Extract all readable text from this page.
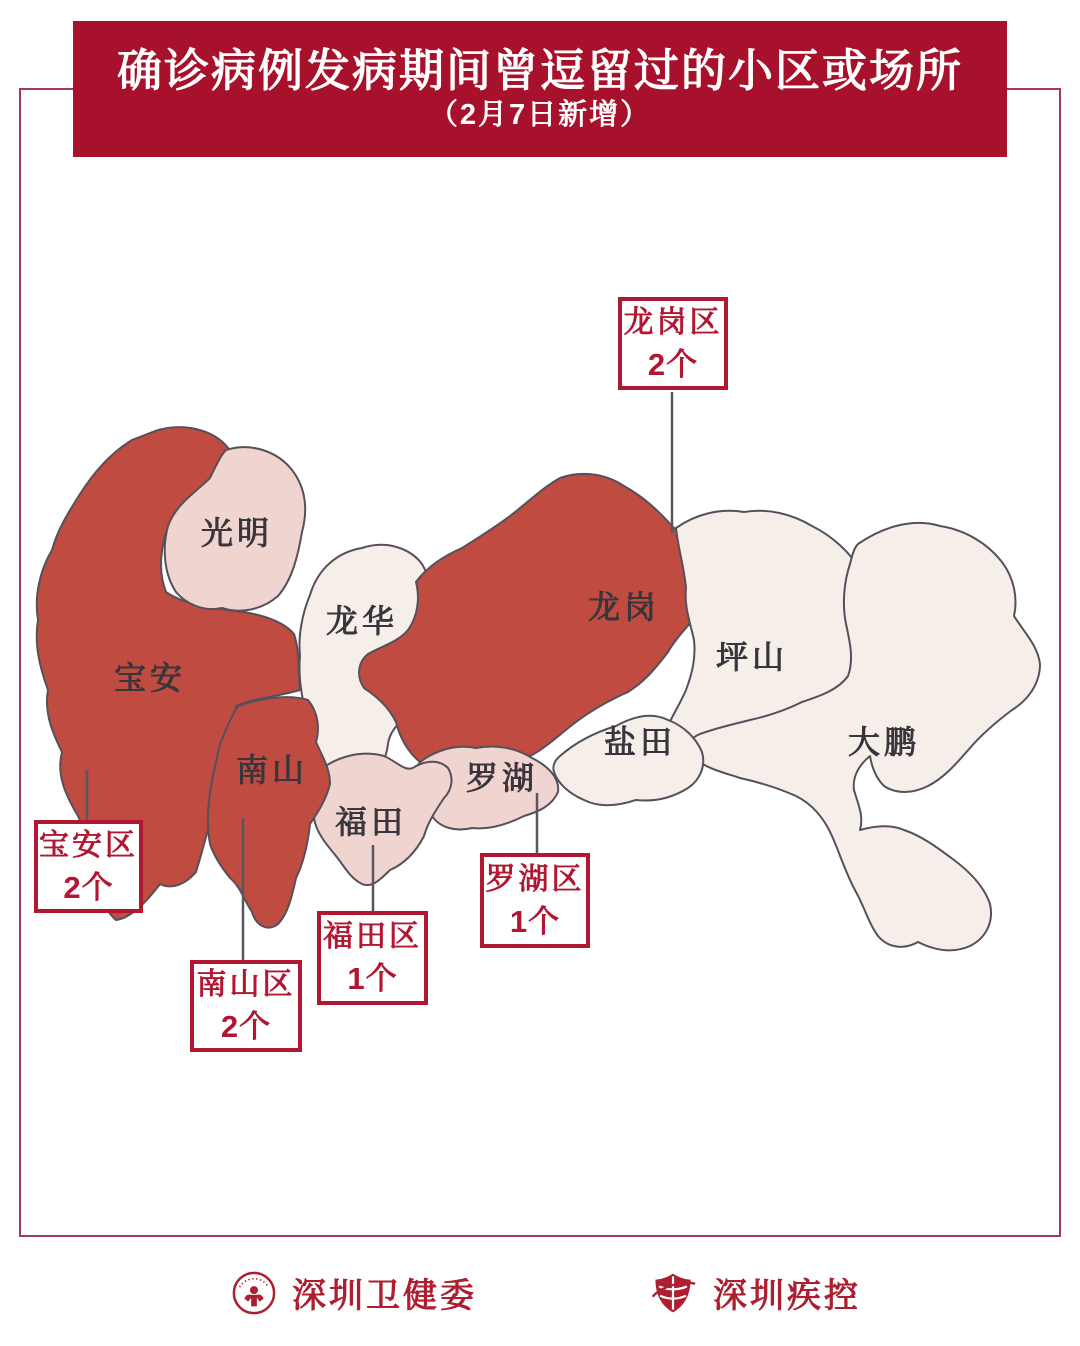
确诊病例发病期间曾逗留过的小区或场所
（2月7日新增）
光明
宝安
龙华
南山
福田
罗湖
盐田
龙岗
坪山
大鹏
龙岗区
2个
宝安区
2个
南山区
2个
福田区
1个
罗湖区
1个
深圳卫健委	深圳疾控
